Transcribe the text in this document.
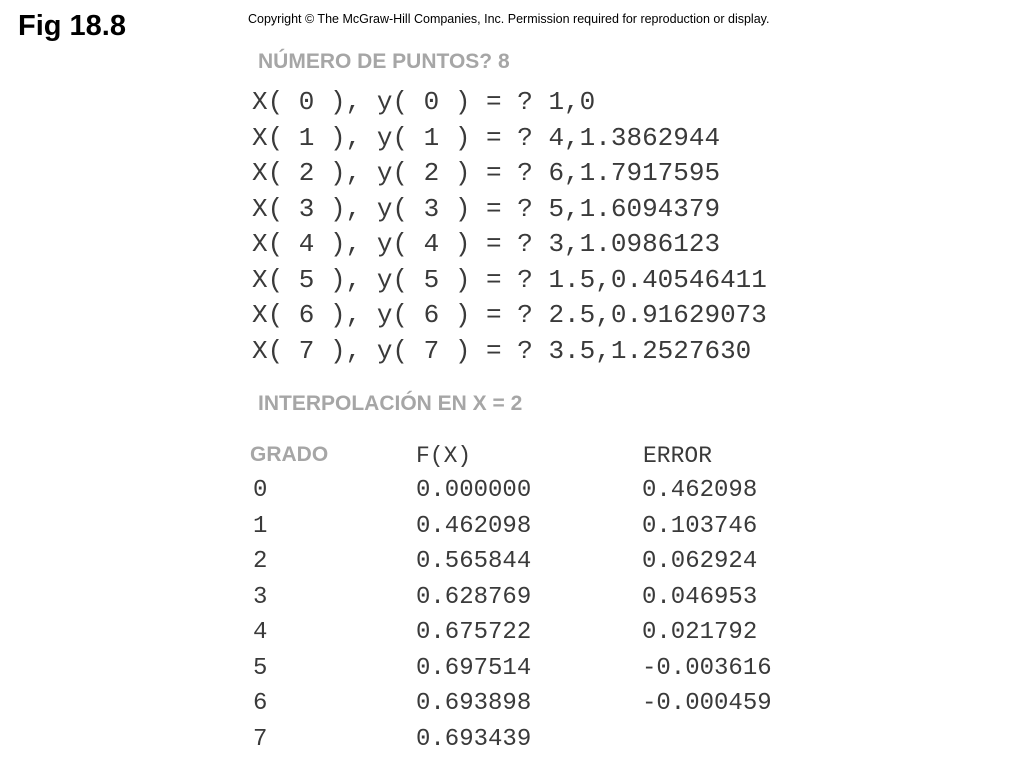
Fig 18.8	Copyright © The McGraw-Hill Companies, Inc. Permission required for reproduction or display.
NÚMERO DE PUNTOS? 8
X( 0 ), y( 0 ) = ? 1,0
X( 1 ), y( 1 ) = ? 4,1.3862944
X( 2 ), y( 2 ) = ? 6,1.7917595
X( 3 ), y( 3 ) = ? 5,1.6094379
X( 4 ), y( 4 ) = ? 3,1.0986123
X( 5 ), y( 5 ) = ? 1.5,0.40546411
X( 6 ), y( 6 ) = ? 2.5,0.91629073
X( 7 ), y( 7 ) = ? 3.5,1.2527630
INTERPOLACIÓN EN X = 2
GRADO	F(X)	ERROR
0	0.000000	0.462098
1	0.462098	0.103746
2	0.565844	0.062924
3	0.628769	0.046953
4	0.675722	0.021792
5	0.697514	-0.003616
6	0.693898	-0.000459
7	0.693439
